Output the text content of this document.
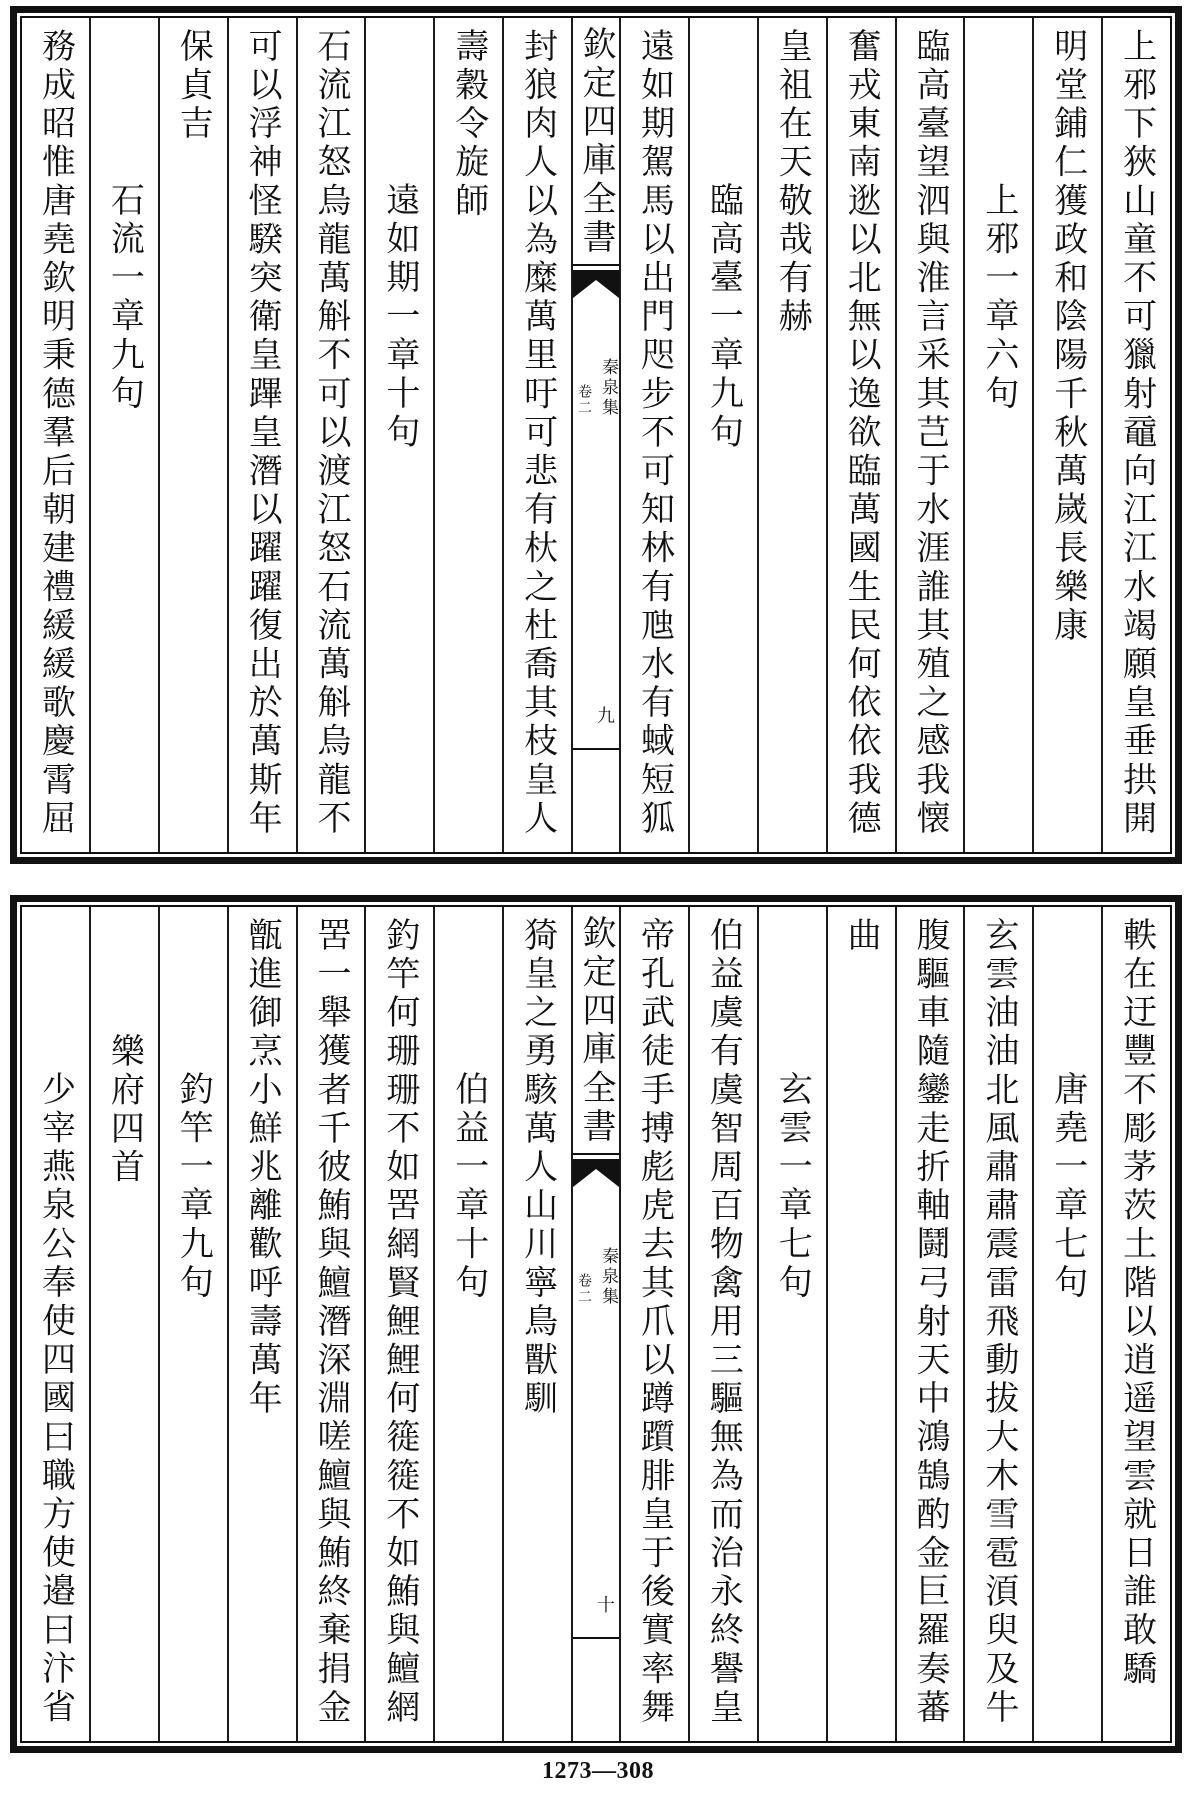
上邪下狹山童不可獵射黿向江江水竭願皇垂拱開
明堂鋪仁獲政和陰陽千秋萬嵗長樂康
上邪一章六句
臨高臺望泗與淮言采其芑于水涯誰其殖之感我懐
奮戎東南逖以北無以逸欲臨萬國生民何依依我德
皇祖在天敬哉有赫
臨高臺一章九句
遠如期駕馬以出門咫步不可知林有虺水有蜮短狐
欽定四庫全書
秦泉集
卷二
九
封狼肉人以為糜萬里吁可悲有杕之杜喬其枝皇人
壽穀令旋師
遠如期一章十句
石流江怒烏龍萬斛不可以渡江怒石流萬斛烏龍不
可以浮神怪騤突衛皇蹕皇潛以躍躍復出於萬斯年
保貞吉
石流一章九句
務成昭惟唐堯欽明秉德羣后朝建禮緩緩歌慶霄屈
軼在迂豐不彫茅茨土階以逍遥望雲就日誰敢驕
唐堯一章七句
玄雲油油北風肅肅震雷飛動拔大木雪雹湏臾及牛
腹驅車隨鑾走折軸鬪弓射天中鴻鵠酌金巨羅奏蕃
曲
玄雲一章七句
伯益虞有虞智周百物禽用三驅無為而治永終譽皇
帝孔武徒手搏彪虎去其爪以蹲躓腓皇于後實率舞
欽定四庫全書
秦泉集
卷二
十
猗皇之勇駭萬人山川寧鳥獸馴
伯益一章十句
釣竿何珊珊不如罟網賢鯉鯉何簁簁不如鮪與鱣網
罟一舉獲者千彼鮪與鱣潛深淵嗟鱣與鮪終棄捐金
甑進御烹小鮮兆離歡呼壽萬年
釣竿一章九句
樂府四首
少宰燕泉公奉使四國曰職方使邉曰汴省
1273—308
